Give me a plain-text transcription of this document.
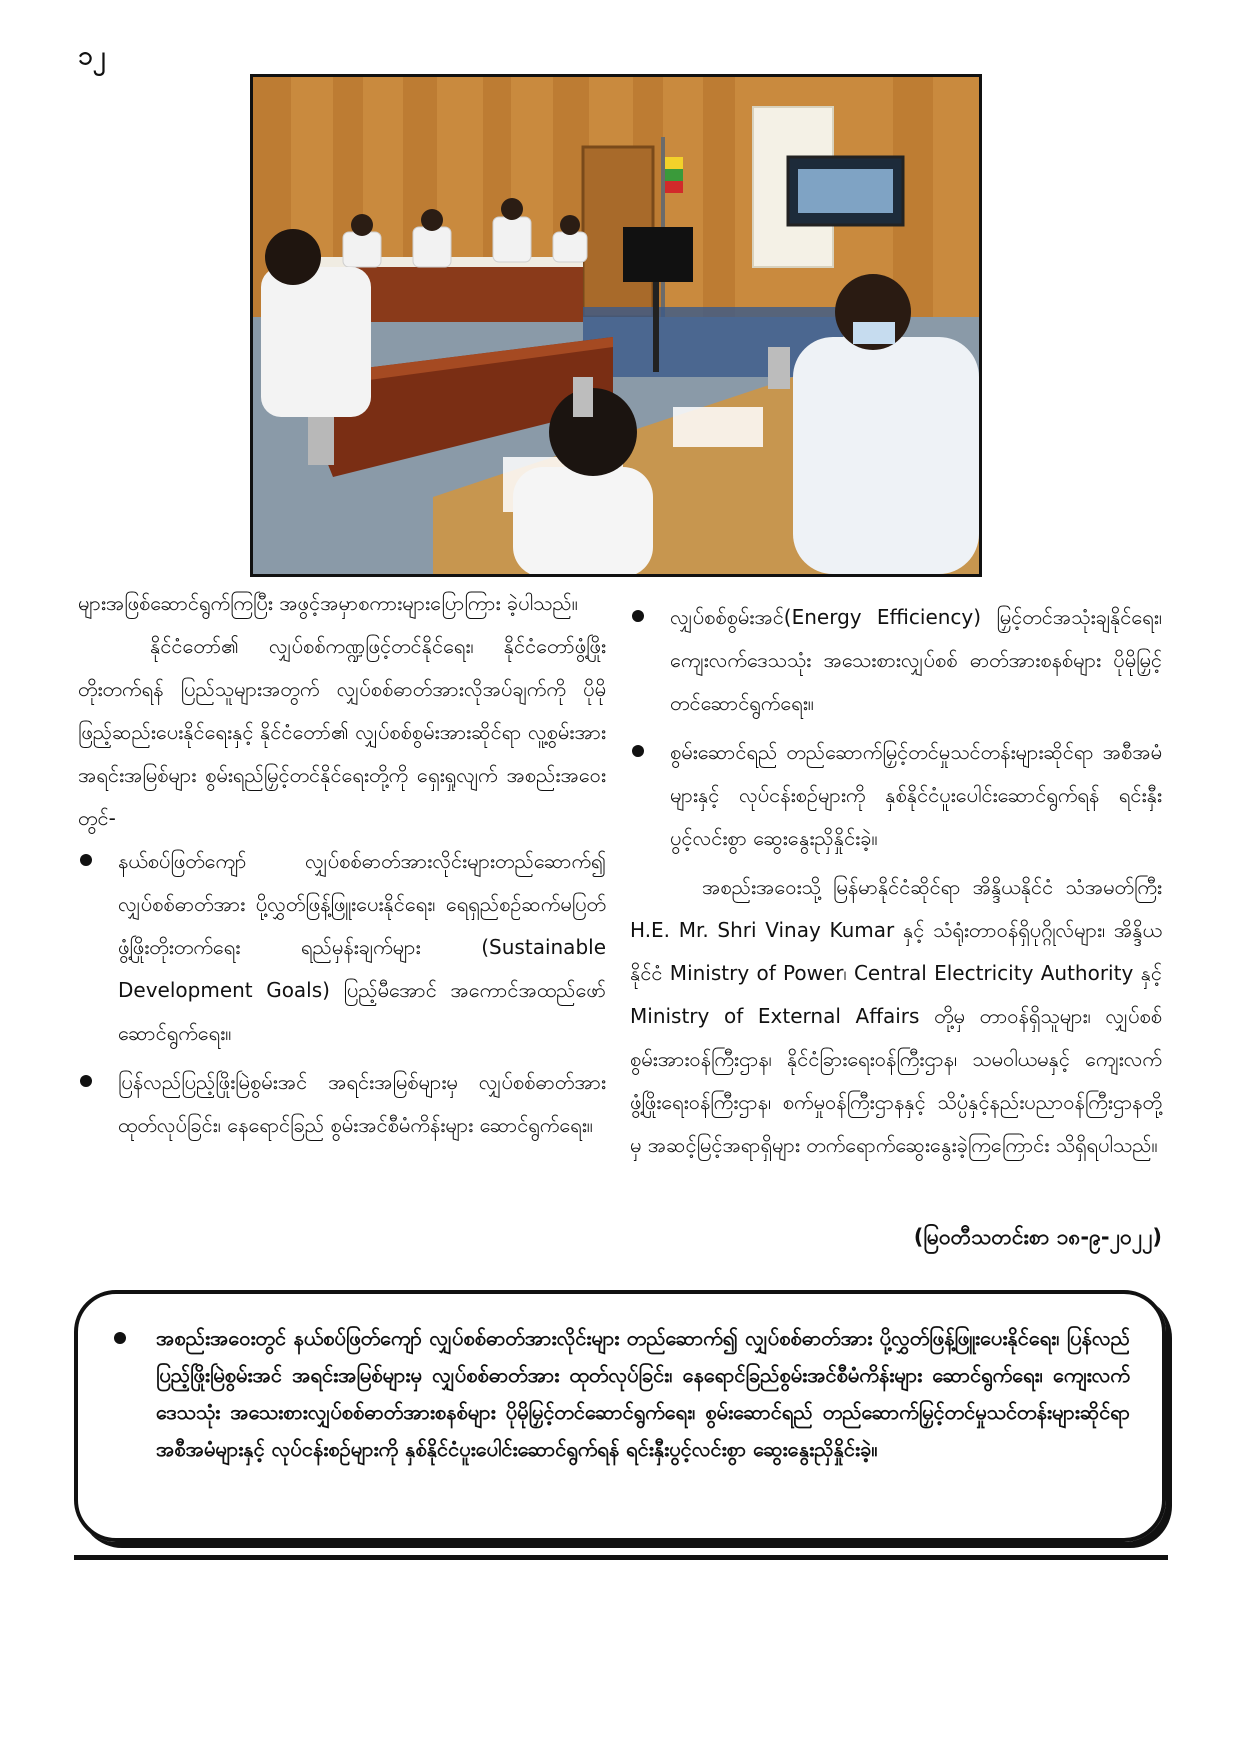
၁၂

များအဖြစ်ဆောင်ရွက်ကြပြီး အဖွင့်အမှာစကားများပြောကြား ခဲ့ပါသည်။

နိုင်ငံတော်၏ လျှပ်စစ်ကဏ္ဍဖြင့်တင်နိုင်ရေး၊ နိုင်ငံတော်ဖွံ့ဖြိုးတိုးတက်ရန် ပြည်သူများအတွက် လျှပ်စစ်ဓာတ်အားလိုအပ်ချက်ကို ပိုမိုဖြည့်ဆည်းပေးနိုင်ရေးနှင့် နိုင်ငံတော်၏ လျှပ်စစ်စွမ်းအားဆိုင်ရာ လူ့စွမ်းအားအရင်းအမြစ်များ စွမ်းရည်မြှင့်တင်နိုင်ရေးတို့ကို ရှေးရှုလျက် အစည်းအဝေးတွင်-

နယ်စပ်ဖြတ်ကျော် လျှပ်စစ်ဓာတ်အားလိုင်းများတည်ဆောက်၍ လျှပ်စစ်ဓာတ်အား ပို့လွှတ်ဖြန့်ဖြူးပေးနိုင်ရေး၊ ရေရှည်စဉ်ဆက်မပြတ် ဖွံ့ဖြိုးတိုးတက်ရေး ရည်မှန်းချက်များ (Sustainable Development Goals) ပြည့်မီအောင် အကောင်အထည်ဖော် ဆောင်ရွက်ရေး။
ပြန်လည်ပြည့်ဖြိုးမြဲစွမ်းအင် အရင်းအမြစ်များမှ လျှပ်စစ်ဓာတ်အား ထုတ်လုပ်ခြင်း၊ နေရောင်ခြည် စွမ်းအင်စီမံကိန်းများ ဆောင်ရွက်ရေး။
လျှပ်စစ်စွမ်းအင်(Energy Efficiency) မြှင့်တင်အသုံးချနိုင်ရေး၊ ကျေးလက်ဒေသသုံး အသေးစားလျှပ်စစ် ဓာတ်အားစနစ်များ ပိုမိုမြှင့်တင်ဆောင်ရွက်ရေး။
စွမ်းဆောင်ရည် တည်ဆောက်မြှင့်တင်မှုသင်တန်းများဆိုင်ရာ အစီအမံများနှင့် လုပ်ငန်းစဉ်များကို နှစ်နိုင်ငံပူးပေါင်းဆောင်ရွက်ရန် ရင်းနှီးပွင့်လင်းစွာ ဆွေးနွေးညှိနှိုင်းခဲ့။

အစည်းအဝေးသို့ မြန်မာနိုင်ငံဆိုင်ရာ အိန္ဒိယနိုင်ငံ သံအမတ်ကြီး H.E. Mr. Shri Vinay Kumar နှင့် သံရုံးတာဝန်ရှိပုဂ္ဂိုလ်များ၊ အိန္ဒိယနိုင်ငံ Ministry of Power၊ Central Electricity Authority နှင့် Ministry of External Affairs တို့မှ တာဝန်ရှိသူများ၊ လျှပ်စစ်စွမ်းအားဝန်ကြီးဌာန၊ နိုင်ငံခြားရေးဝန်ကြီးဌာန၊ သမဝါယမနှင့် ကျေးလက်ဖွံ့ဖြိုးရေးဝန်ကြီးဌာန၊ စက်မှုဝန်ကြီးဌာနနှင့် သိပ္ပံနှင့်နည်းပညာဝန်ကြီးဌာနတို့မှ အဆင့်မြင့်အရာရှိများ တက်ရောက်ဆွေးနွေးခဲ့ကြကြောင်း သိရှိရပါသည်။

(မြဝတီသတင်းစာ ၁၈-၉-၂၀၂၂)
အစည်းအဝေးတွင် နယ်စပ်ဖြတ်ကျော် လျှပ်စစ်ဓာတ်အားလိုင်းများ တည်ဆောက်၍ လျှပ်စစ်ဓာတ်အား ပို့လွှတ်ဖြန့်ဖြူးပေးနိုင်ရေး၊ ပြန်လည်ပြည့်ဖြိုးမြဲစွမ်းအင် အရင်းအမြစ်များမှ လျှပ်စစ်ဓာတ်အား ထုတ်လုပ်ခြင်း၊ နေရောင်ခြည်စွမ်းအင်စီမံကိန်းများ ဆောင်ရွက်ရေး၊ ကျေးလက်ဒေသသုံး အသေးစားလျှပ်စစ်ဓာတ်အားစနစ်များ ပိုမိုမြှင့်တင်ဆောင်ရွက်ရေး၊ စွမ်းဆောင်ရည် တည်ဆောက်မြှင့်တင်မှုသင်တန်းများဆိုင်ရာ အစီအမံများနှင့် လုပ်ငန်းစဉ်များကို နှစ်နိုင်ငံပူးပေါင်းဆောင်ရွက်ရန် ရင်းနှီးပွင့်လင်းစွာ ဆွေးနွေးညှိနှိုင်းခဲ့။
